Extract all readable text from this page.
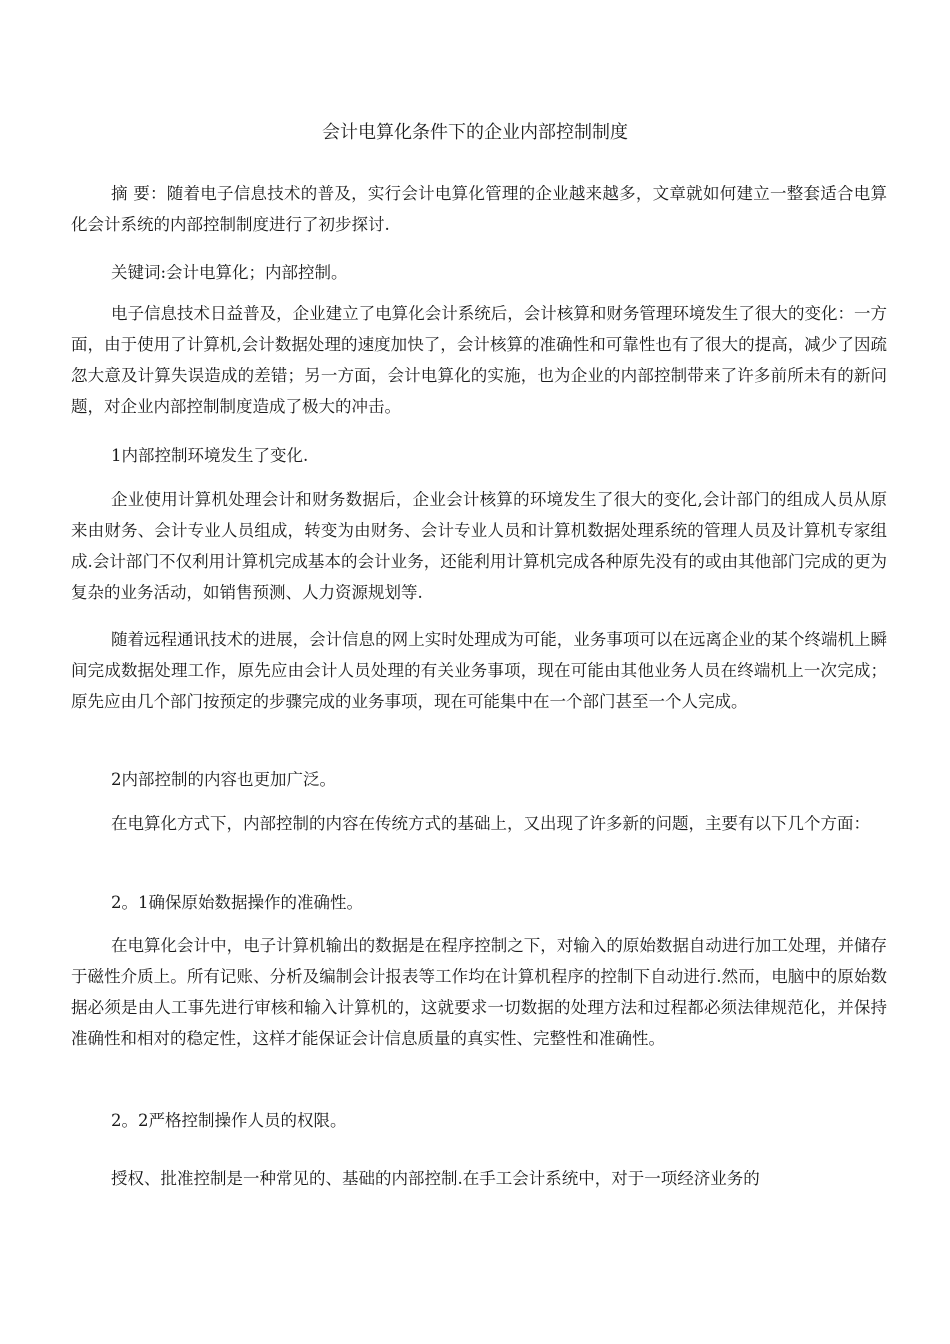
会计电算化条件下的企业内部控制制度

摘 要：随着电子信息技术的普及，实行会计电算化管理的企业越来越多，文章就如何建立一整套适合电算化会计系统的内部控制制度进行了初步探讨.

关键词:会计电算化；内部控制。

电子信息技术日益普及，企业建立了电算化会计系统后，会计核算和财务管理环境发生了很大的变化：一方面，由于使用了计算机,会计数据处理的速度加快了，会计核算的准确性和可靠性也有了很大的提高，减少了因疏忽大意及计算失误造成的差错；另一方面，会计电算化的实施，也为企业的内部控制带来了许多前所未有的新问题，对企业内部控制制度造成了极大的冲击。

1内部控制环境发生了变化.

企业使用计算机处理会计和财务数据后，企业会计核算的环境发生了很大的变化,会计部门的组成人员从原来由财务、会计专业人员组成，转变为由财务、会计专业人员和计算机数据处理系统的管理人员及计算机专家组成.会计部门不仅利用计算机完成基本的会计业务，还能利用计算机完成各种原先没有的或由其他部门完成的更为复杂的业务活动，如销售预测、人力资源规划等.

随着远程通讯技术的进展，会计信息的网上实时处理成为可能，业务事项可以在远离企业的某个终端机上瞬间完成数据处理工作，原先应由会计人员处理的有关业务事项，现在可能由其他业务人员在终端机上一次完成；原先应由几个部门按预定的步骤完成的业务事项，现在可能集中在一个部门甚至一个人完成。

2内部控制的内容也更加广泛。

在电算化方式下，内部控制的内容在传统方式的基础上，又出现了许多新的问题，主要有以下几个方面：

2。1确保原始数据操作的准确性。

在电算化会计中，电子计算机输出的数据是在程序控制之下，对输入的原始数据自动进行加工处理，并储存于磁性介质上。所有记账、分析及编制会计报表等工作均在计算机程序的控制下自动进行.然而，电脑中的原始数据必须是由人工事先进行审核和输入计算机的，这就要求一切数据的处理方法和过程都必须法律规范化，并保持准确性和相对的稳定性，这样才能保证会计信息质量的真实性、完整性和准确性。

2。2严格控制操作人员的权限。

授权、批准控制是一种常见的、基础的内部控制.在手工会计系统中，对于一项经济业务的
